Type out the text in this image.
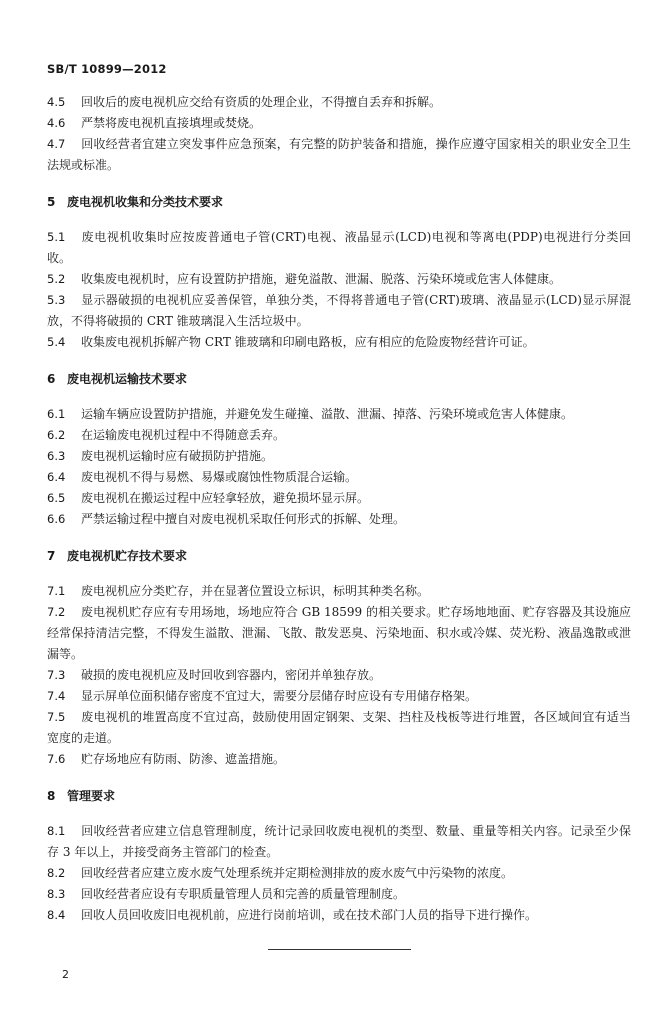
SB/T 10899—2012

4.5 回收后的废电视机应交给有资质的处理企业，不得擅自丢弃和拆解。

4.6 严禁将废电视机直接填埋或焚烧。

4.7 回收经营者宜建立突发事件应急预案，有完整的防护装备和措施，操作应遵守国家相关的职业安全卫生法规或标准。

5 废电视机收集和分类技术要求

5.1 废电视机收集时应按废普通电子管(CRT)电视、液晶显示(LCD)电视和等离电(PDP)电视进行分类回收。

5.2 收集废电视机时，应有设置防护措施，避免溢散、泄漏、脱落、污染环境或危害人体健康。

5.3 显示器破损的电视机应妥善保管，单独分类，不得将普通电子管(CRT)玻璃、液晶显示(LCD)显示屏混放，不得将破损的 CRT 锥玻璃混入生活垃圾中。

5.4 收集废电视机拆解产物 CRT 锥玻璃和印刷电路板，应有相应的危险废物经营许可证。

6 废电视机运输技术要求

6.1 运输车辆应设置防护措施，并避免发生碰撞、溢散、泄漏、掉落、污染环境或危害人体健康。

6.2 在运输废电视机过程中不得随意丢弃。

6.3 废电视机运输时应有破损防护措施。

6.4 废电视机不得与易燃、易爆或腐蚀性物质混合运输。

6.5 废电视机在搬运过程中应轻拿轻放，避免损坏显示屏。

6.6 严禁运输过程中擅自对废电视机采取任何形式的拆解、处理。

7 废电视机贮存技术要求

7.1 废电视机应分类贮存，并在显著位置设立标识，标明其种类名称。

7.2 废电视机贮存应有专用场地，场地应符合 GB 18599 的相关要求。贮存场地地面、贮存容器及其设施应经常保持清洁完整，不得发生溢散、泄漏、飞散、散发恶臭、污染地面、积水或冷媒、荧光粉、液晶逸散或泄漏等。

7.3 破损的废电视机应及时回收到容器内，密闭并单独存放。

7.4 显示屏单位面积储存密度不宜过大，需要分层储存时应设有专用储存格架。

7.5 废电视机的堆置高度不宜过高，鼓励使用固定钢架、支架、挡柱及栈板等进行堆置，各区域间宜有适当宽度的走道。

7.6 贮存场地应有防雨、防渗、遮盖措施。

8 管理要求

8.1 回收经营者应建立信息管理制度，统计记录回收废电视机的类型、数量、重量等相关内容。记录至少保存 3 年以上，并接受商务主管部门的检查。

8.2 回收经营者应建立废水废气处理系统并定期检测排放的废水废气中污染物的浓度。

8.3 回收经营者应设有专职质量管理人员和完善的质量管理制度。

8.4 回收人员回收废旧电视机前，应进行岗前培训，或在技术部门人员的指导下进行操作。

2
